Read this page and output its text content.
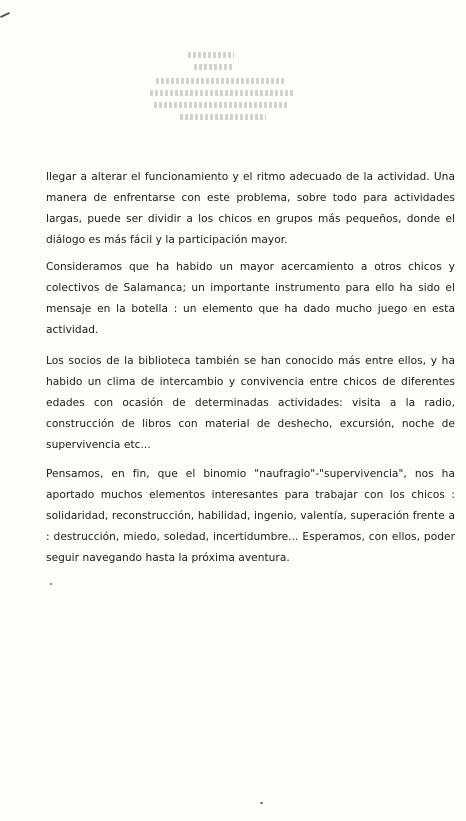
llegar a alterar el funcionamiento y el ritmo adecuado de la actividad. Una manera de enfrentarse con este problema, sobre todo para actividades largas, puede ser dividir a los chicos en grupos más pequeños, donde el diálogo es más fácil y la participación mayor.

Consideramos que ha habido un mayor acercamiento a otros chicos y colectivos de Salamanca; un importante instrumento para ello ha sido el mensaje en la botella : un elemento que ha dado mucho juego en esta actividad.

Los socios de la biblioteca también se han conocido más entre ellos, y ha habido un clima de intercambio y convivencia entre chicos de diferentes edades con ocasión de determinadas actividades: visita a la radio, construcción de libros con material de deshecho, excursión, noche de supervivencia etc...

Pensamos, en fin, que el binomio "naufragio"-"supervivencia", nos ha aportado muchos elementos interesantes para trabajar con los chicos : solidaridad, reconstrucción, habilidad, ingenio, valentía, superación frente a : destrucción, miedo, soledad, incertidumbre... Esperamos, con ellos, poder seguir navegando hasta la próxima aventura.
